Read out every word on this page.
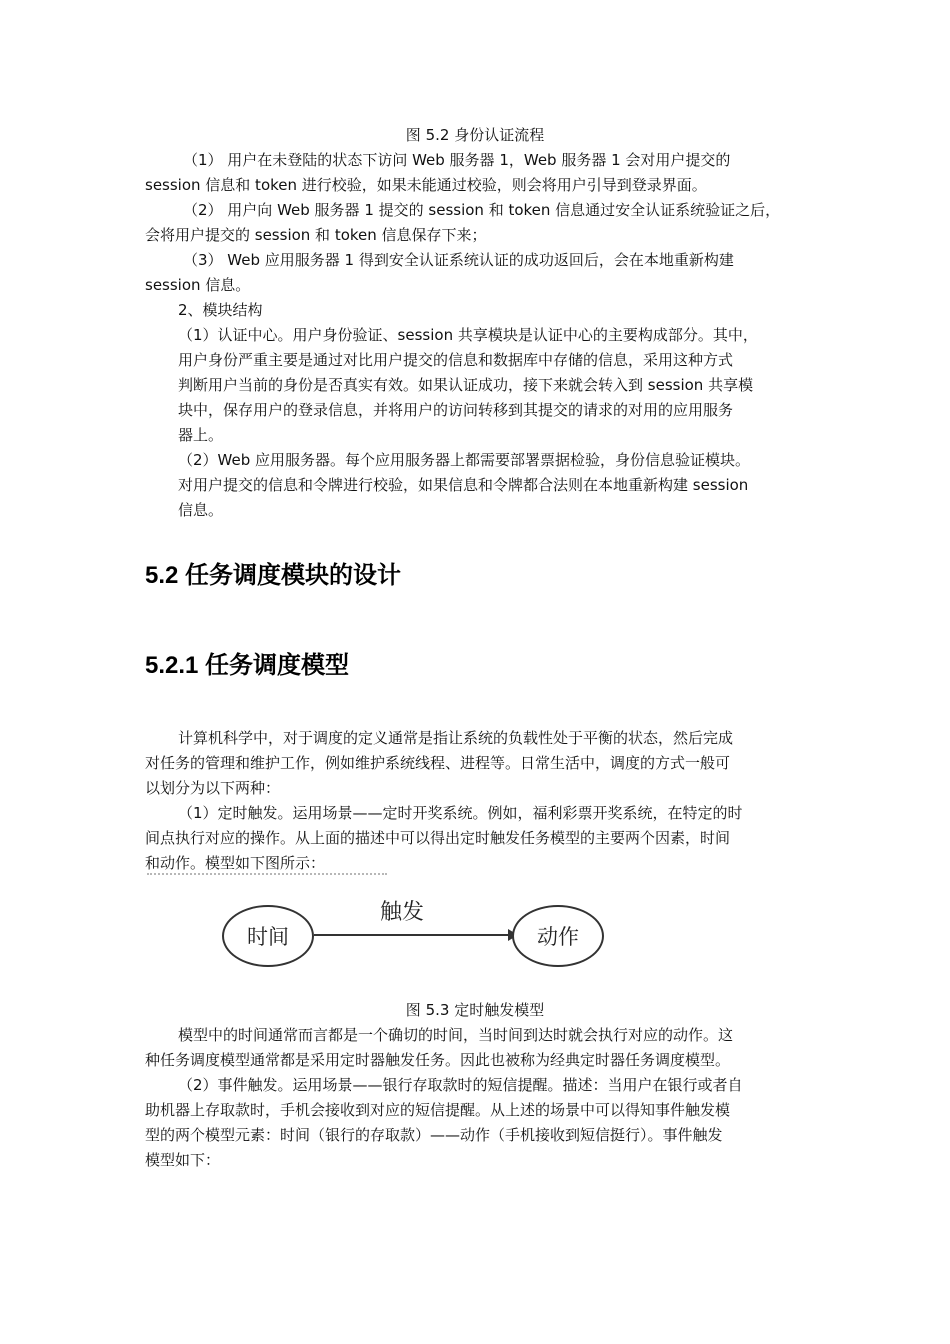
图 5.2 身份认证流程
（1） 用户在未登陆的状态下访问 Web 服务器 1，Web 服务器 1 会对用户提交的
session 信息和 token 进行校验，如果未能通过校验，则会将用户引导到登录界面。
（2） 用户向 Web 服务器 1 提交的 session 和 token 信息通过安全认证系统验证之后，
会将用户提交的 session 和 token 信息保存下来；
（3） Web 应用服务器 1 得到安全认证系统认证的成功返回后，会在本地重新构建
session 信息。
2、模块结构
（1）认证中心。用户身份验证、session 共享模块是认证中心的主要构成部分。其中，
用户身份严重主要是通过对比用户提交的信息和数据库中存储的信息，采用这种方式
判断用户当前的身份是否真实有效。如果认证成功，接下来就会转入到 session 共享模
块中，保存用户的登录信息，并将用户的访问转移到其提交的请求的对用的应用服务
器上。
（2）Web 应用服务器。每个应用服务器上都需要部署票据检验，身份信息验证模块。
对用户提交的信息和令牌进行校验，如果信息和令牌都合法则在本地重新构建 session
信息。
5.2 任务调度模块的设计
5.2.1 任务调度模型
计算机科学中，对于调度的定义通常是指让系统的负载性处于平衡的状态，然后完成
对任务的管理和维护工作，例如维护系统线程、进程等。日常生活中，调度的方式一般可
以划分为以下两种：
（1）定时触发。运用场景——定时开奖系统。例如，福利彩票开奖系统，在特定的时
间点执行对应的操作。从上面的描述中可以得出定时触发任务模型的主要两个因素，时间
和动作。模型如下图所示：
时间
触发
动作
图 5.3 定时触发模型
模型中的时间通常而言都是一个确切的时间，当时间到达时就会执行对应的动作。这
种任务调度模型通常都是采用定时器触发任务。因此也被称为经典定时器任务调度模型。
（2）事件触发。运用场景——银行存取款时的短信提醒。描述：当用户在银行或者自
助机器上存取款时，手机会接收到对应的短信提醒。从上述的场景中可以得知事件触发模
型的两个模型元素：时间（银行的存取款）——动作（手机接收到短信挺行）。事件触发
模型如下：
